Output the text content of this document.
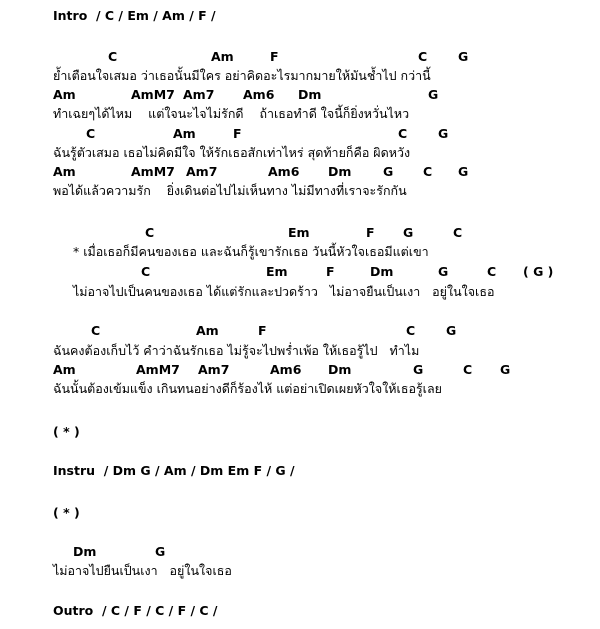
Intro  / C / Em / Am / F /
C	Am	F	C G
ย้ำเตือนใจเสมอ ว่าเธอนั้นมีใคร อย่าคิดอะไรมากมายให้มันช้ำไป กว่านี้
Am	AmM7 Am7 Am6 Dm	G
ทำเฉยๆได้ไหม    แต่ใจนะไจไม่รักดี    ถ้าเธอทำดี ใจนี้ก็ยิ่งหวั่นไหว
C	Am	F	C G
ฉันรู้ตัวเสมอ เธอไม่คิดมีใจ ให้รักเธอสักเท่าไหร่ สุดท้ายก็คือ ผิดหวัง
Am	AmM7 Am7	Am6 Dm	G C G
พอได้แล้วความรัก    ยิ่งเดินต่อไปไม่เห็นทาง ไม่มีทางที่เราจะรักกัน
C	Em	F G	C
* เมื่อเธอก็มีคนของเธอ และฉันก็รู้เขารักเธอ วันนี้หัวใจเธอมีแต่เขา
C	Em	F	Dm	G	C ( G )
ไม่อาจไปเป็นคนของเธอ ได้แต่รักและปวดร้าว   ไม่อาจยืนเป็นเงา   อยู่ในใจเธอ
C	Am	F	C G
ฉันคงต้องเก็บไว้ คำว่าฉันรักเธอ ไม่รู้จะไปพร่ำเพ้อ ให้เธอรู้ไป   ทำไม
Am	AmM7 Am7	Am6 Dm	G	C G
ฉันนั้นต้องเข้มแข็ง เกินทนอย่างดีก็ร้องไห้ แต่อย่าเปิดเผยหัวใจให้เธอรู้เลย
( * )
Instru  / Dm G / Am / Dm Em F / G /
( * )
Dm	G
ไม่อาจไปยืนเป็นเงา   อยู่ในใจเธอ
Outro  / C / F / C / F / C /
